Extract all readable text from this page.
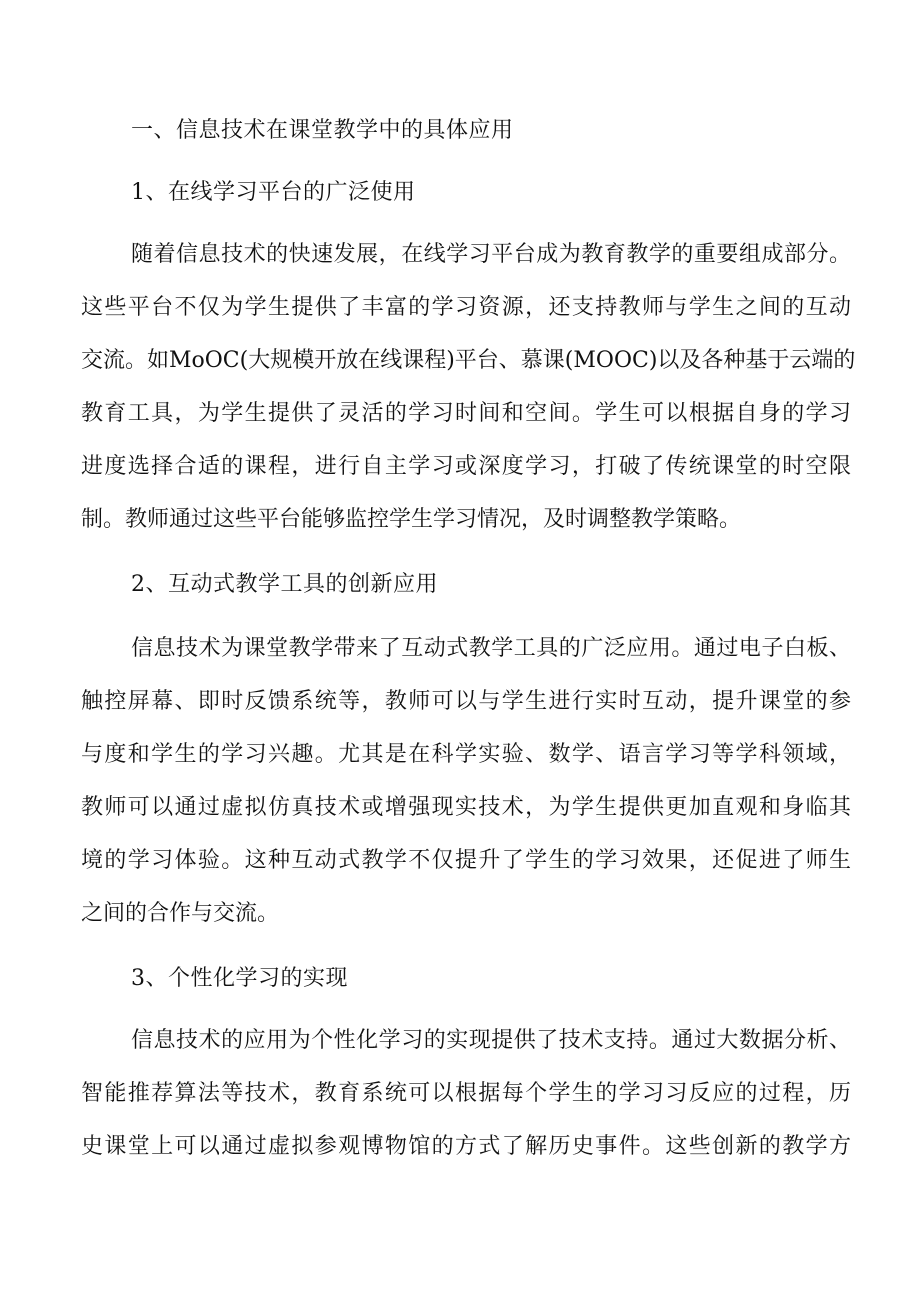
一、信息技术在课堂教学中的具体应用
1、在线学习平台的广泛使用
随着信息技术的快速发展，在线学习平台成为教育教学的重要组成部分。
这些平台不仅为学生提供了丰富的学习资源，还支持教师与学生之间的互动
交流。如MoOC(大规模开放在线课程)平台、慕课(MOOC)以及各种基于云端的
教育工具，为学生提供了灵活的学习时间和空间。学生可以根据自身的学习
进度选择合适的课程，进行自主学习或深度学习，打破了传统课堂的时空限
制。教师通过这些平台能够监控学生学习情况，及时调整教学策略。
2、互动式教学工具的创新应用
信息技术为课堂教学带来了互动式教学工具的广泛应用。通过电子白板、
触控屏幕、即时反馈系统等，教师可以与学生进行实时互动，提升课堂的参
与度和学生的学习兴趣。尤其是在科学实验、数学、语言学习等学科领域，
教师可以通过虚拟仿真技术或增强现实技术，为学生提供更加直观和身临其
境的学习体验。这种互动式教学不仅提升了学生的学习效果，还促进了师生
之间的合作与交流。
3、个性化学习的实现
信息技术的应用为个性化学习的实现提供了技术支持。通过大数据分析、
智能推荐算法等技术，教育系统可以根据每个学生的学习习反应的过程，历
史课堂上可以通过虚拟参观博物馆的方式了解历史事件。这些创新的教学方
